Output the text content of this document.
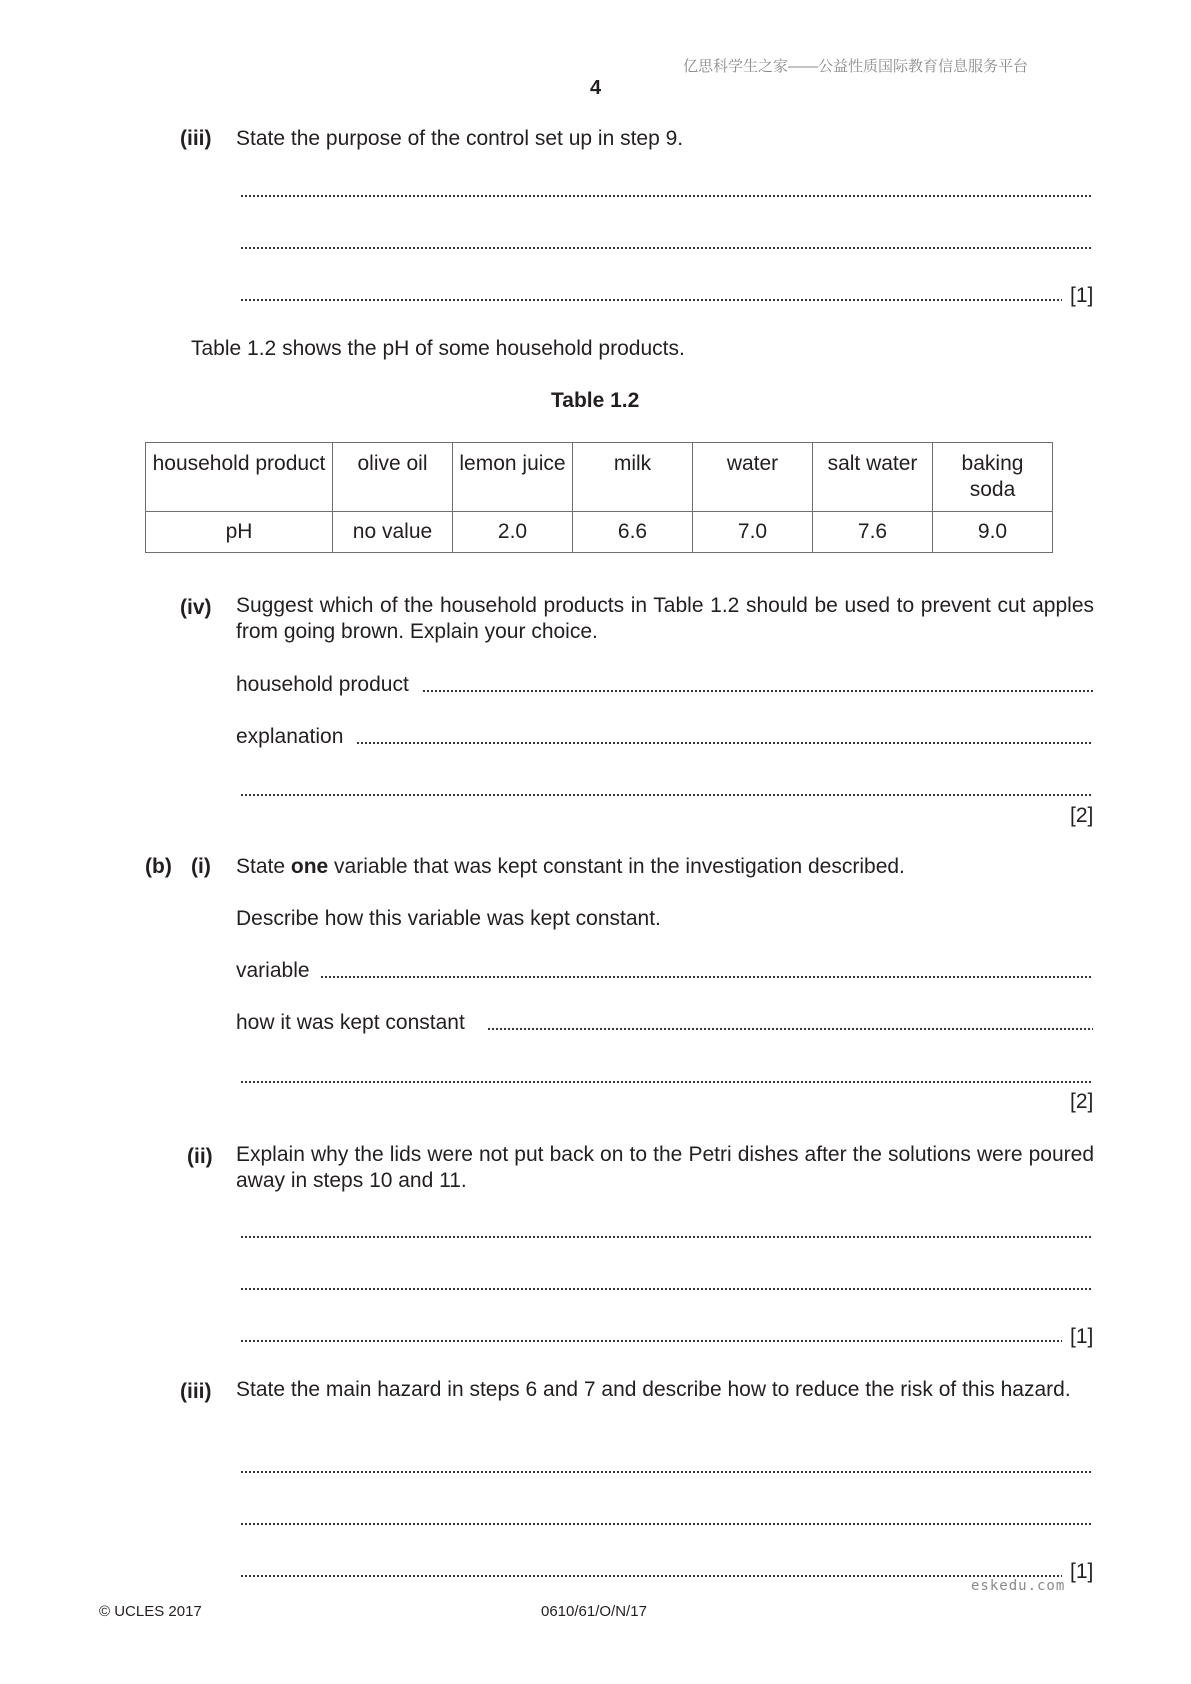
亿思科学生之家——公益性质国际教育信息服务平台
4
(iii) State the purpose of the control set up in step 9.
[1]
Table 1.2 shows the pH of some household products.
Table 1.2
household product	olive oil	lemon juice	milk	water	salt water	baking soda
pH	no value	2.0	6.6	7.0	7.6	9.0
(iv) Suggest which of the household products in Table 1.2 should be used to prevent cut apples from going brown. Explain your choice.
household product
explanation
[2]
(b) (i) State one variable that was kept constant in the investigation described.
Describe how this variable was kept constant.
variable
how it was kept constant
[2]
(ii) Explain why the lids were not put back on to the Petri dishes after the solutions were poured away in steps 10 and 11.
[1]
(iii) State the main hazard in steps 6 and 7 and describe how to reduce the risk of this hazard.
[1]
eskedu.com
© UCLES 2017	0610/61/O/N/17
